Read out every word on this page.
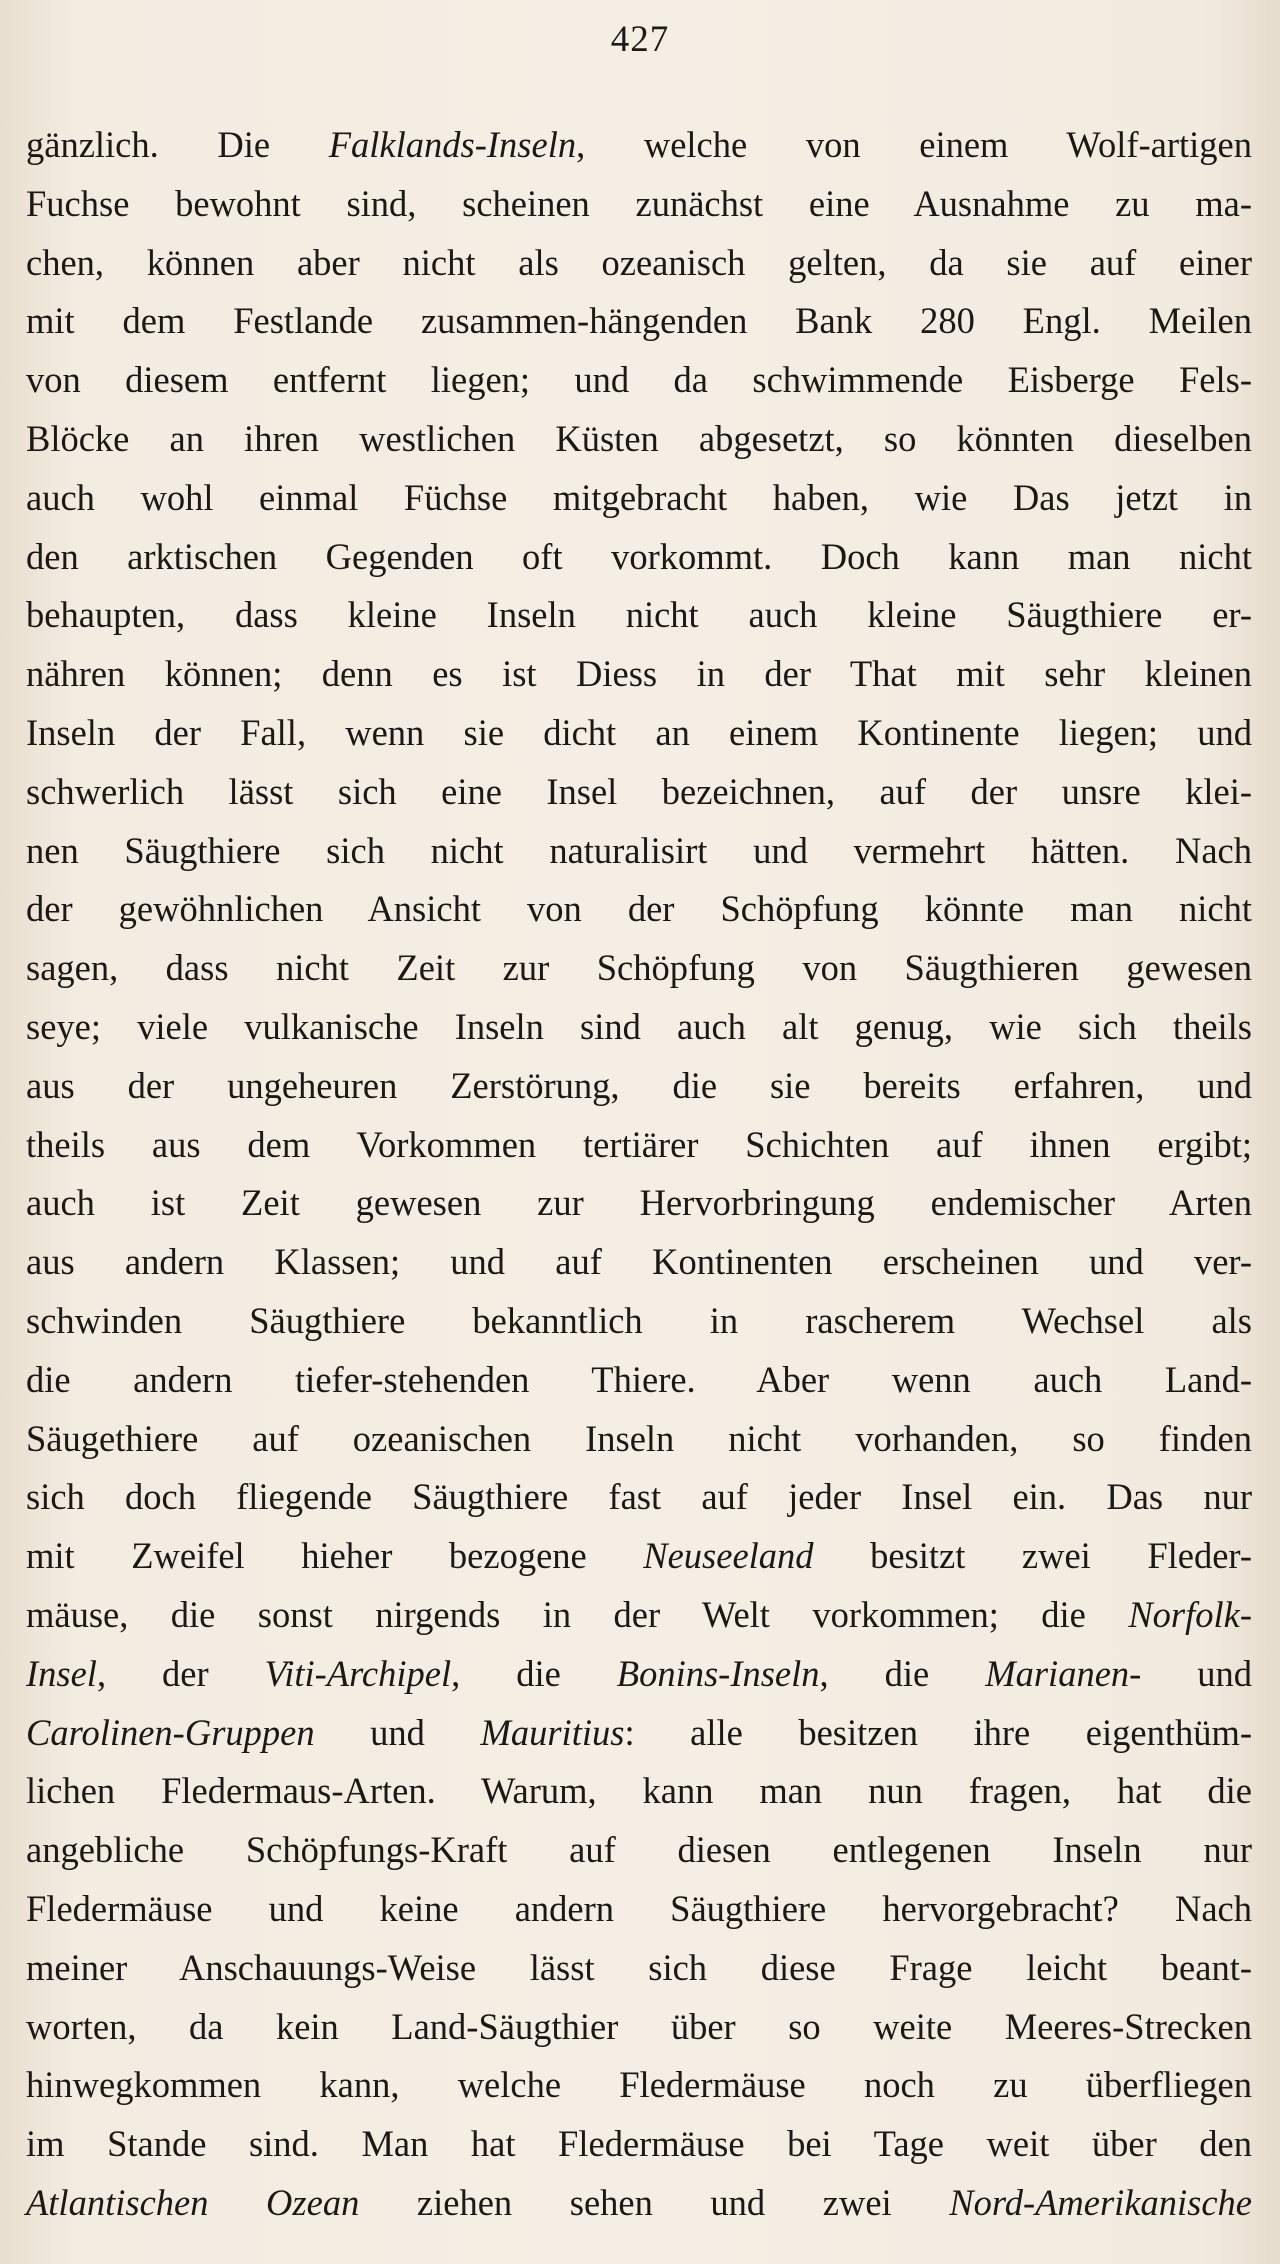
427
gänzlich. Die Falklands-Inseln, welche von einem Wolf-artigen
Fuchse bewohnt sind, scheinen zunächst eine Ausnahme zu ma-
chen, können aber nicht als ozeanisch gelten, da sie auf einer
mit dem Festlande zusammen-hängenden Bank 280 Engl. Meilen
von diesem entfernt liegen; und da schwimmende Eisberge Fels-
Blöcke an ihren westlichen Küsten abgesetzt, so könnten dieselben
auch wohl einmal Füchse mitgebracht haben, wie Das jetzt in
den arktischen Gegenden oft vorkommt. Doch kann man nicht
behaupten, dass kleine Inseln nicht auch kleine Säugthiere er-
nähren können; denn es ist Diess in der That mit sehr kleinen
Inseln der Fall, wenn sie dicht an einem Kontinente liegen; und
schwerlich lässt sich eine Insel bezeichnen, auf der unsre klei-
nen Säugthiere sich nicht naturalisirt und vermehrt hätten. Nach
der gewöhnlichen Ansicht von der Schöpfung könnte man nicht
sagen, dass nicht Zeit zur Schöpfung von Säugthieren gewesen
seye; viele vulkanische Inseln sind auch alt genug, wie sich theils
aus der ungeheuren Zerstörung, die sie bereits erfahren, und
theils aus dem Vorkommen tertiärer Schichten auf ihnen ergibt;
auch ist Zeit gewesen zur Hervorbringung endemischer Arten
aus andern Klassen; und auf Kontinenten erscheinen und ver-
schwinden Säugthiere bekanntlich in rascherem Wechsel als
die andern tiefer-stehenden Thiere. Aber wenn auch Land-
Säugethiere auf ozeanischen Inseln nicht vorhanden, so finden
sich doch fliegende Säugthiere fast auf jeder Insel ein. Das nur
mit Zweifel hieher bezogene Neuseeland besitzt zwei Fleder-
mäuse, die sonst nirgends in der Welt vorkommen; die Norfolk-
Insel, der Viti-Archipel, die Bonins-Inseln, die Marianen- und
Carolinen-Gruppen und Mauritius: alle besitzen ihre eigenthüm-
lichen Fledermaus-Arten. Warum, kann man nun fragen, hat die
angebliche Schöpfungs-Kraft auf diesen entlegenen Inseln nur
Fledermäuse und keine andern Säugthiere hervorgebracht? Nach
meiner Anschauungs-Weise lässt sich diese Frage leicht beant-
worten, da kein Land-Säugthier über so weite Meeres-Strecken
hinwegkommen kann, welche Fledermäuse noch zu überfliegen
im Stande sind. Man hat Fledermäuse bei Tage weit über den
Atlantischen Ozean ziehen sehen und zwei Nord-Amerikanische
